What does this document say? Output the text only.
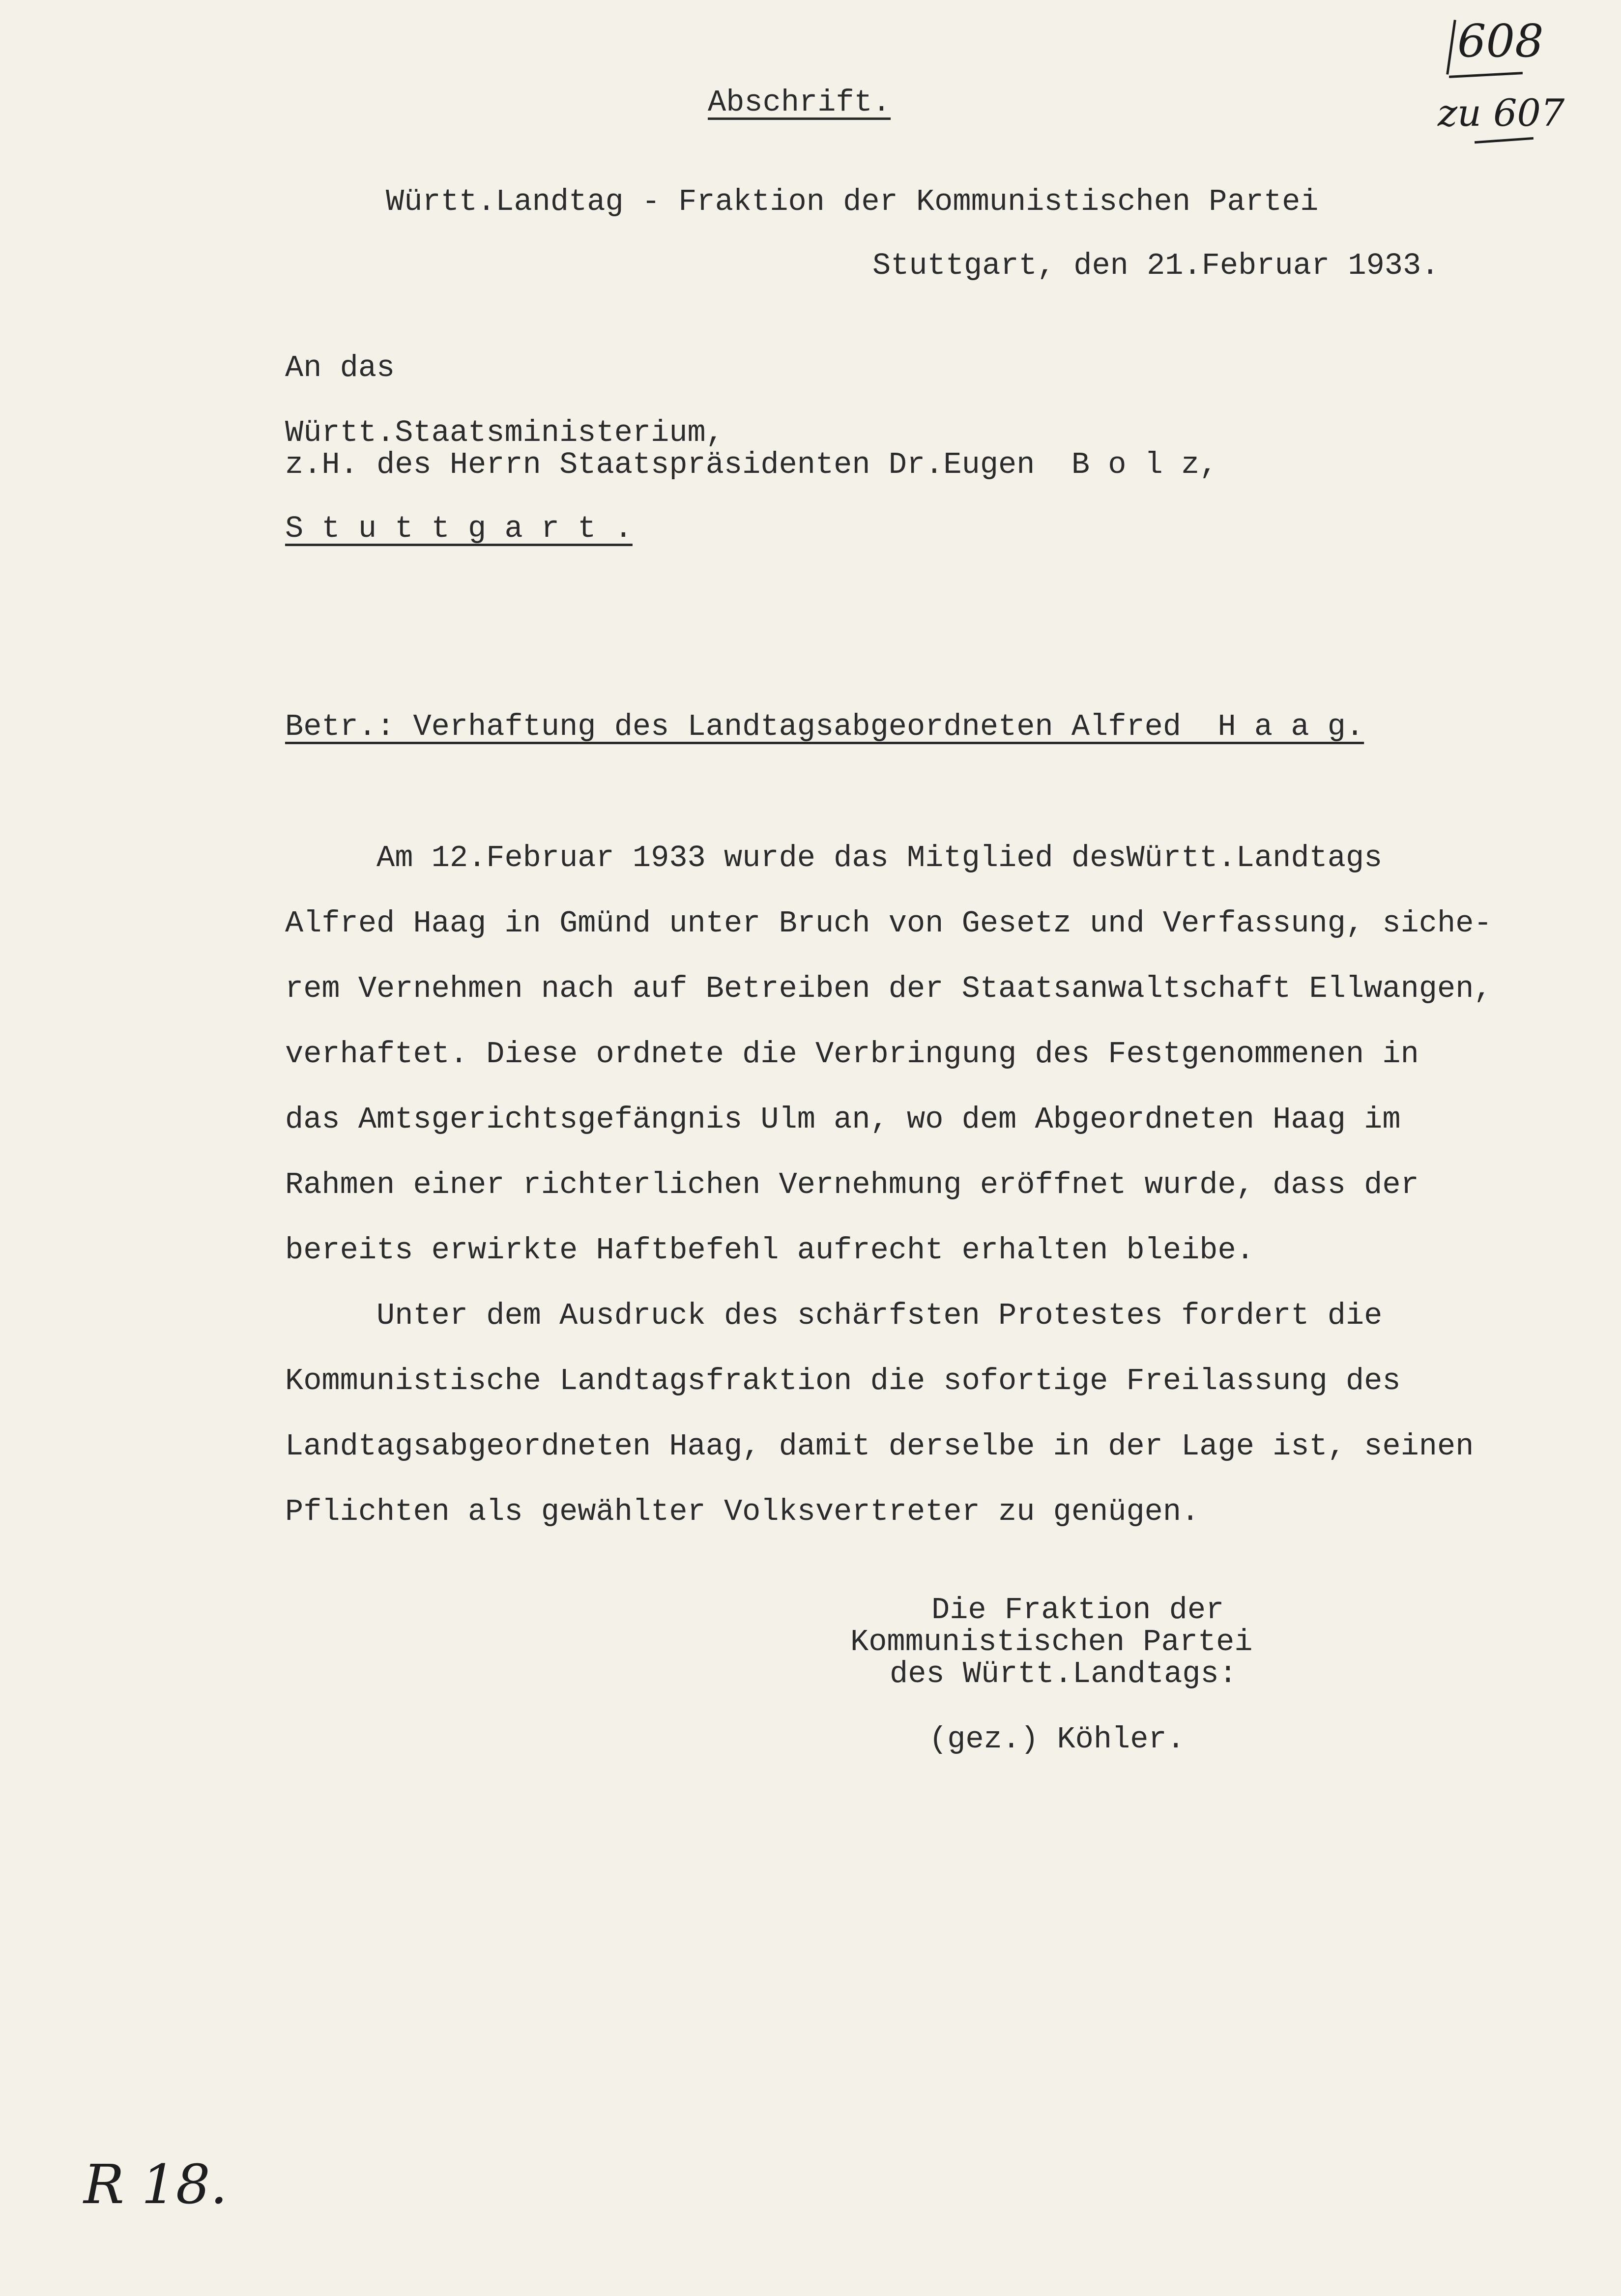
608
zu 607
Abschrift.
Württ.Landtag - Fraktion der Kommunistischen Partei
Stuttgart, den 21.Februar 1933.
An das
Württ.Staatsministerium,
z.H. des Herrn Staatspräsidenten Dr.Eugen  B o l z,
S t u t t g a r t .
Betr.: Verhaftung des Landtagsabgeordneten Alfred  H a a g.
Am 12.Februar 1933 wurde das Mitglied desWürtt.Landtags
Alfred Haag in Gmünd unter Bruch von Gesetz und Verfassung, siche-
rem Vernehmen nach auf Betreiben der Staatsanwaltschaft Ellwangen,
verhaftet. Diese ordnete die Verbringung des Festgenommenen in
das Amtsgerichtsgefängnis Ulm an, wo dem Abgeordneten Haag im
Rahmen einer richterlichen Vernehmung eröffnet wurde, dass der
bereits erwirkte Haftbefehl aufrecht erhalten bleibe.
Unter dem Ausdruck des schärfsten Protestes fordert die
Kommunistische Landtagsfraktion die sofortige Freilassung des
Landtagsabgeordneten Haag, damit derselbe in der Lage ist, seinen
Pflichten als gewählter Volksvertreter zu genügen.
Die Fraktion der
Kommunistischen Partei
des Württ.Landtags:
(gez.) Köhler.
R 18.
